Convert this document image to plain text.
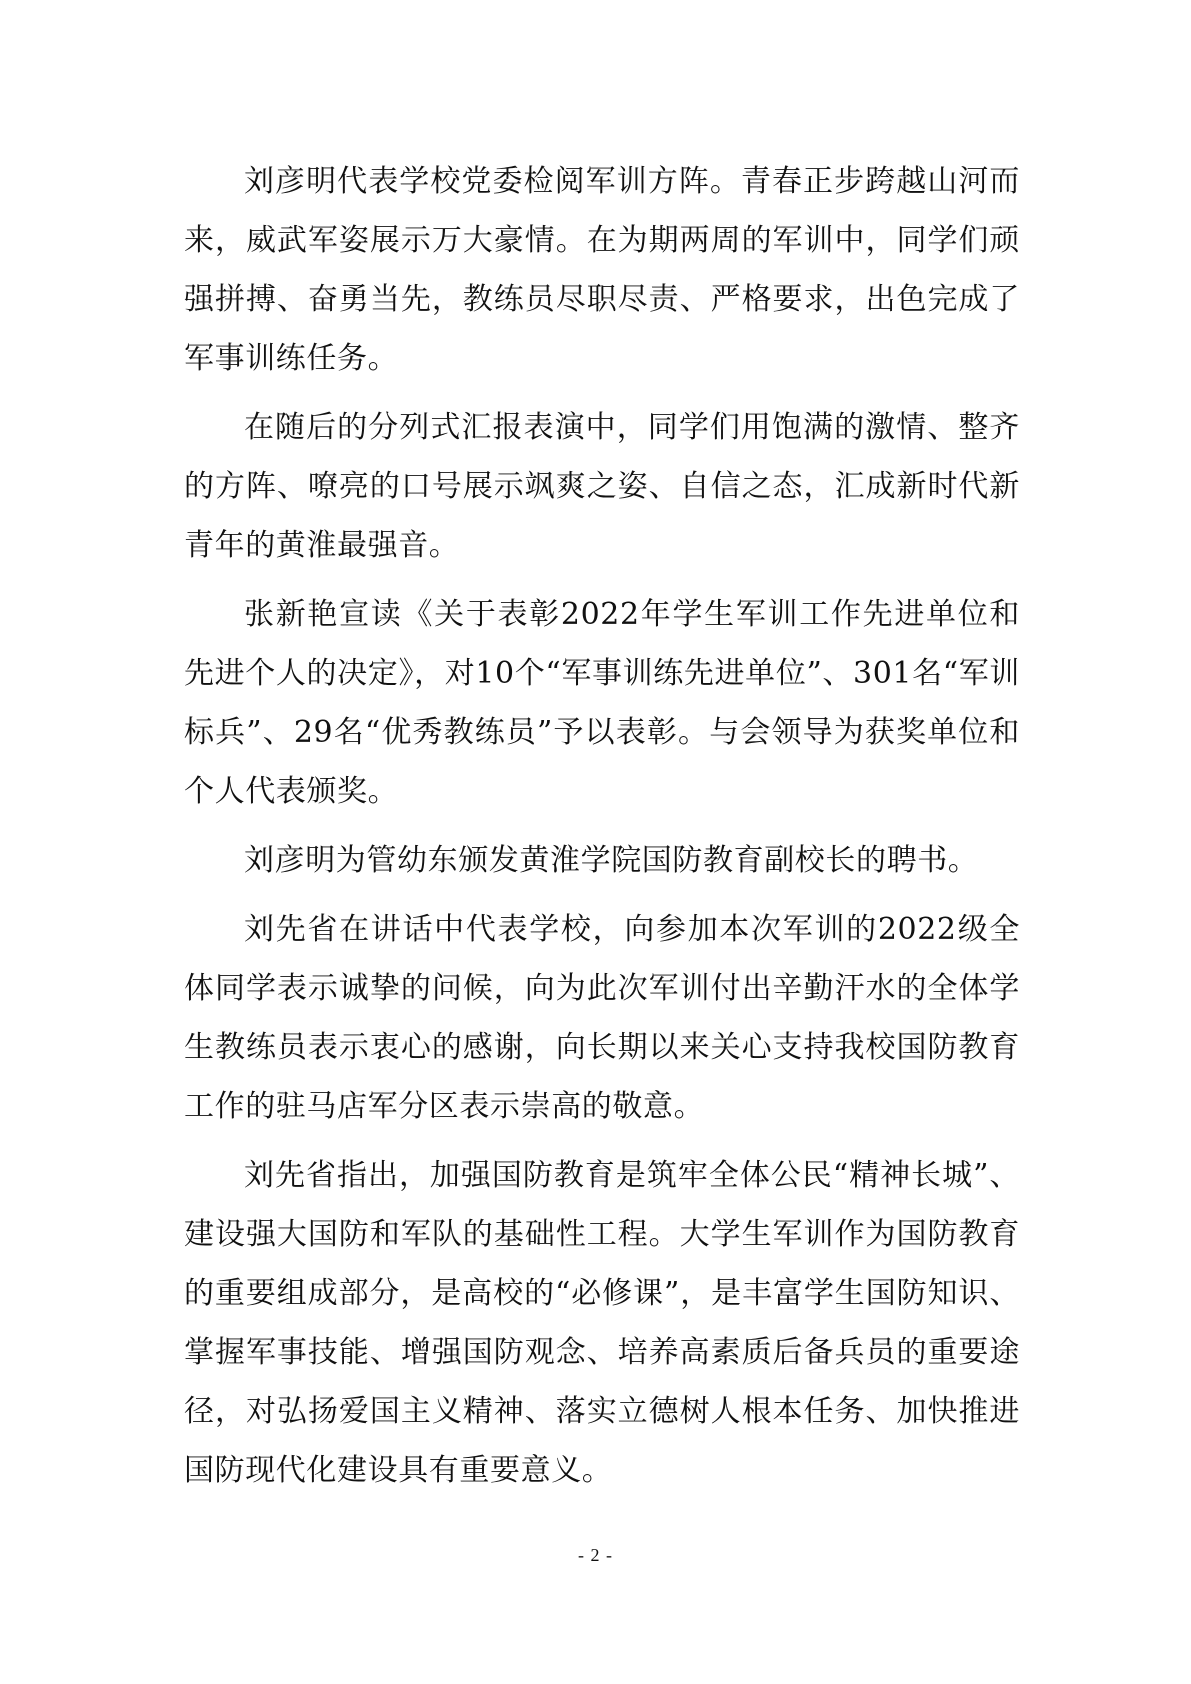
刘彦明代表学校党委检阅军训方阵。青春正步跨越山河而来，威武军姿展示万大豪情。在为期两周的军训中，同学们顽强拼搏、奋勇当先，教练员尽职尽责、严格要求，出色完成了军事训练任务。

在随后的分列式汇报表演中，同学们用饱满的激情、整齐的方阵、嘹亮的口号展示飒爽之姿、自信之态，汇成新时代新青年的黄淮最强音。

张新艳宣读《关于表彰2022年学生军训工作先进单位和先进个人的决定》，对10个“军事训练先进单位”、301名“军训标兵”、29名“优秀教练员”予以表彰。与会领导为获奖单位和个人代表颁奖。

刘彦明为管幼东颁发黄淮学院国防教育副校长的聘书。

刘先省在讲话中代表学校，向参加本次军训的2022级全体同学表示诚挚的问候，向为此次军训付出辛勤汗水的全体学生教练员表示衷心的感谢，向长期以来关心支持我校国防教育工作的驻马店军分区表示崇高的敬意。

刘先省指出，加强国防教育是筑牢全体公民“精神长城”、建设强大国防和军队的基础性工程。大学生军训作为国防教育的重要组成部分，是高校的“必修课”，是丰富学生国防知识、掌握军事技能、增强国防观念、培养高素质后备兵员的重要途径，对弘扬爱国主义精神、落实立德树人根本任务、加快推进国防现代化建设具有重要意义。

- 2 -
